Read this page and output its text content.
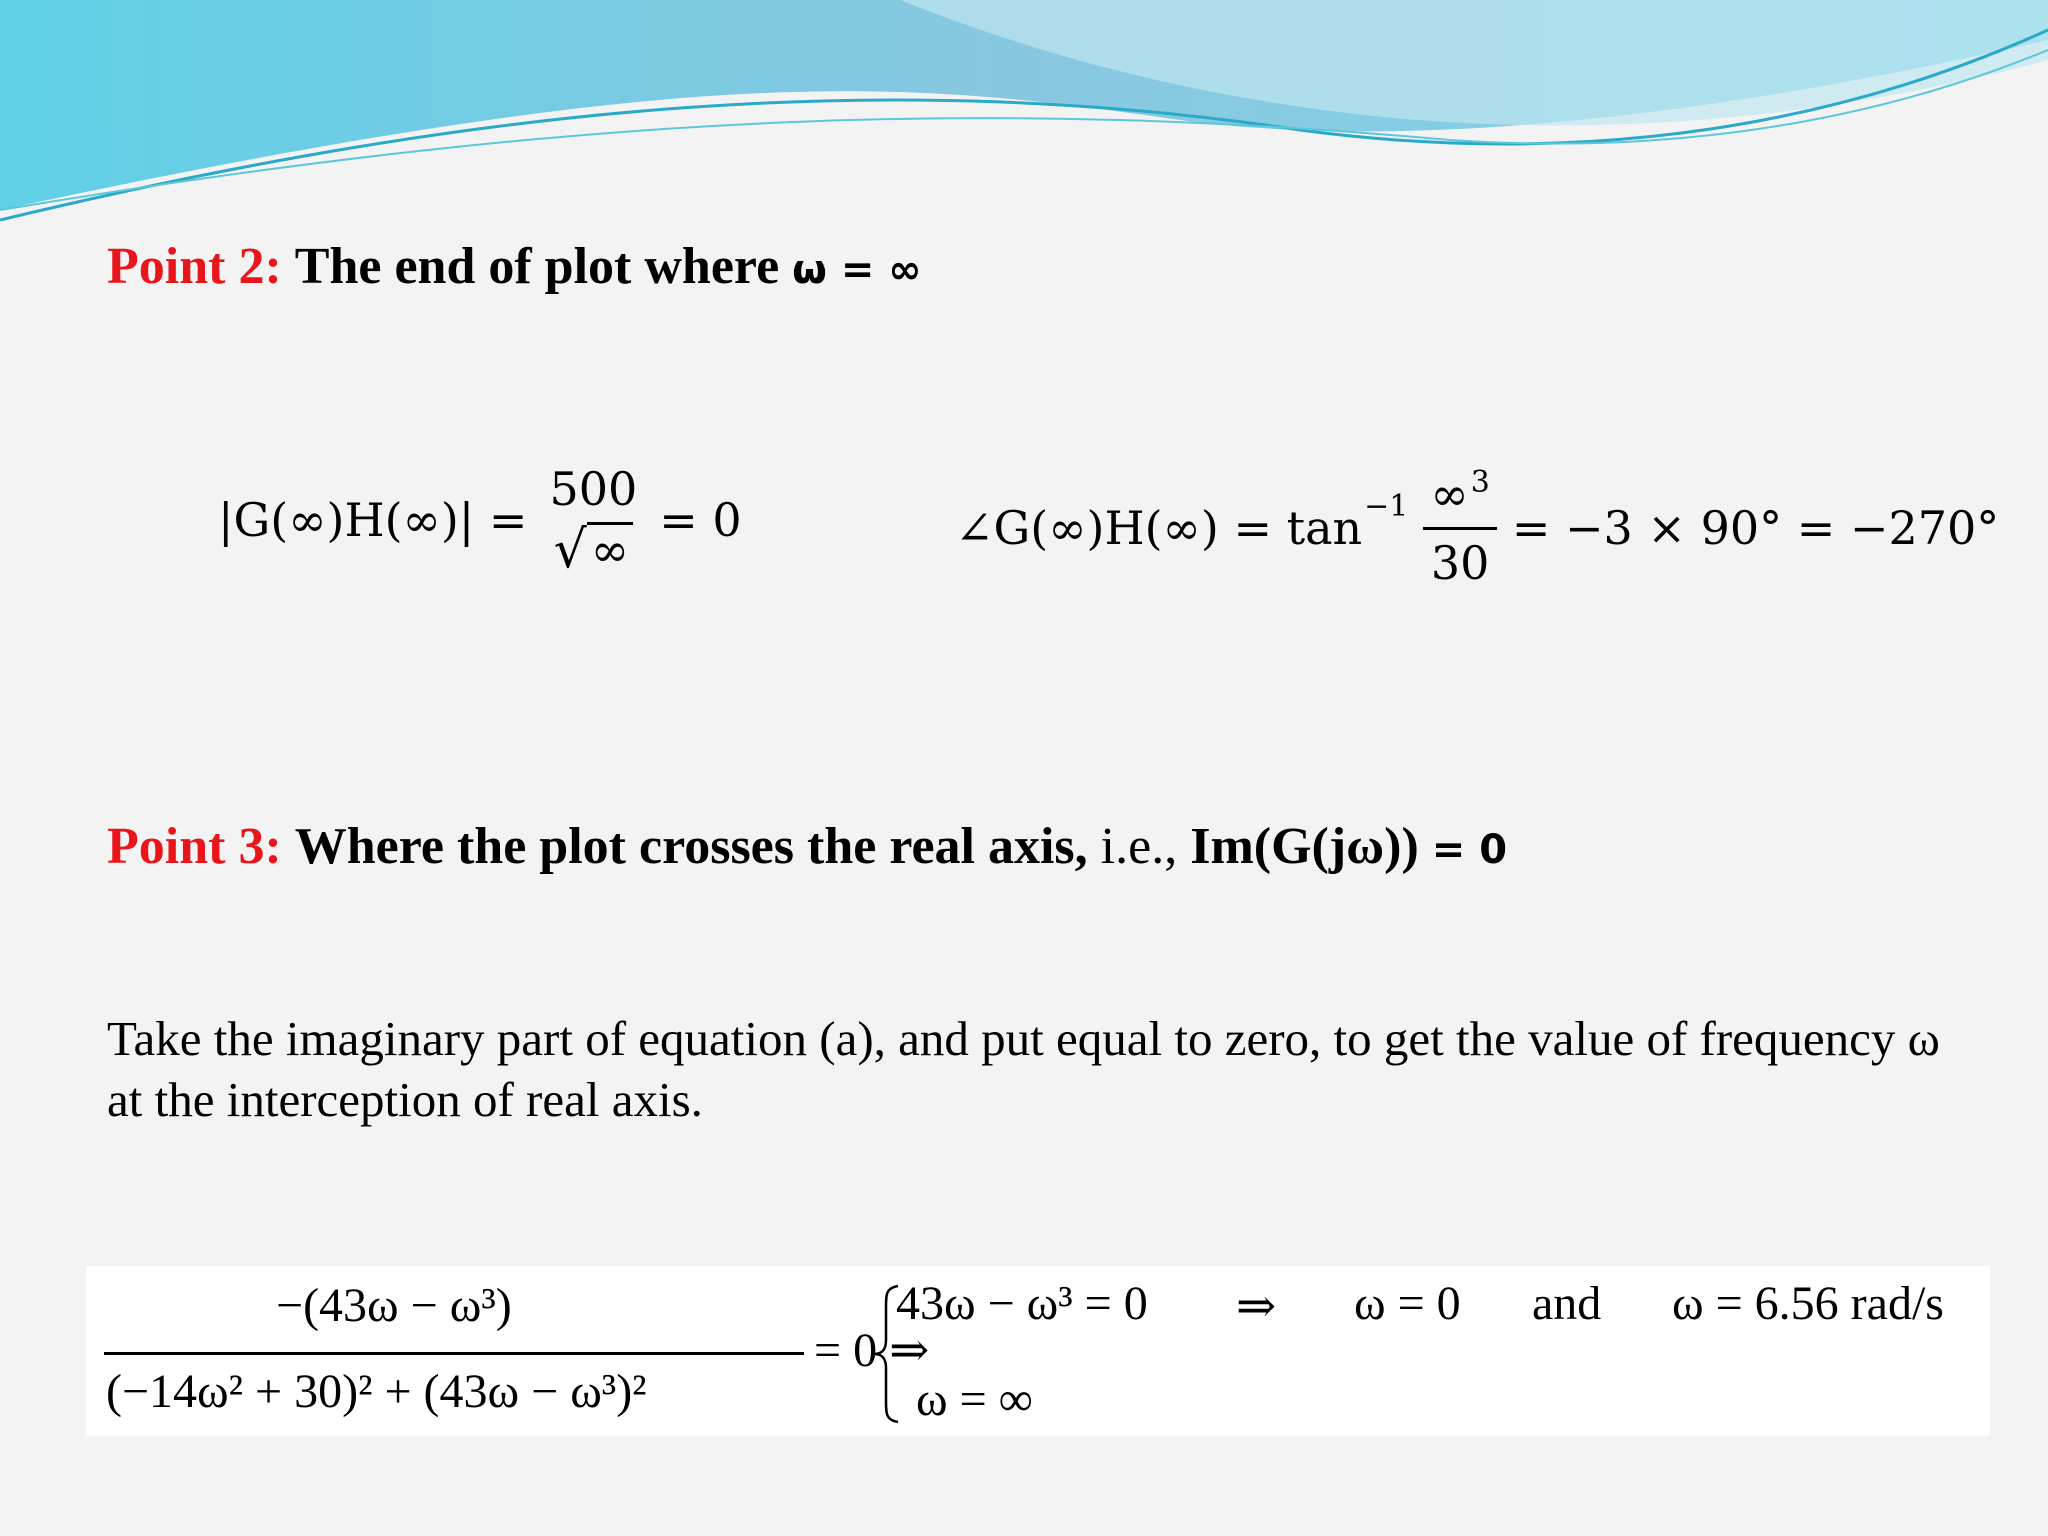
Point 2: The end of plot where ω = ∞
|G(∞)H(∞)| =
500
√ ∞
= 0	∠G(∞)H(∞) = $\tan -1 \frac{\infty^3}{30} = -3 \times 90^\circ = -270^\circ$
Point 3: Where the plot crosses the real axis, i.e., Im(G(jω)) = 0
Take the imaginary part of equation (a), and put equal to zero, to get the value of frequency ω at the interception of real axis.
−(43ω − ω³)
(−14ω² + 30)² + (43ω − ω³)²
= 0 ⇒
43ω − ω³ = 0
ω = ∞
⇒ ω = 0 and ω = 6.56 rad/s
